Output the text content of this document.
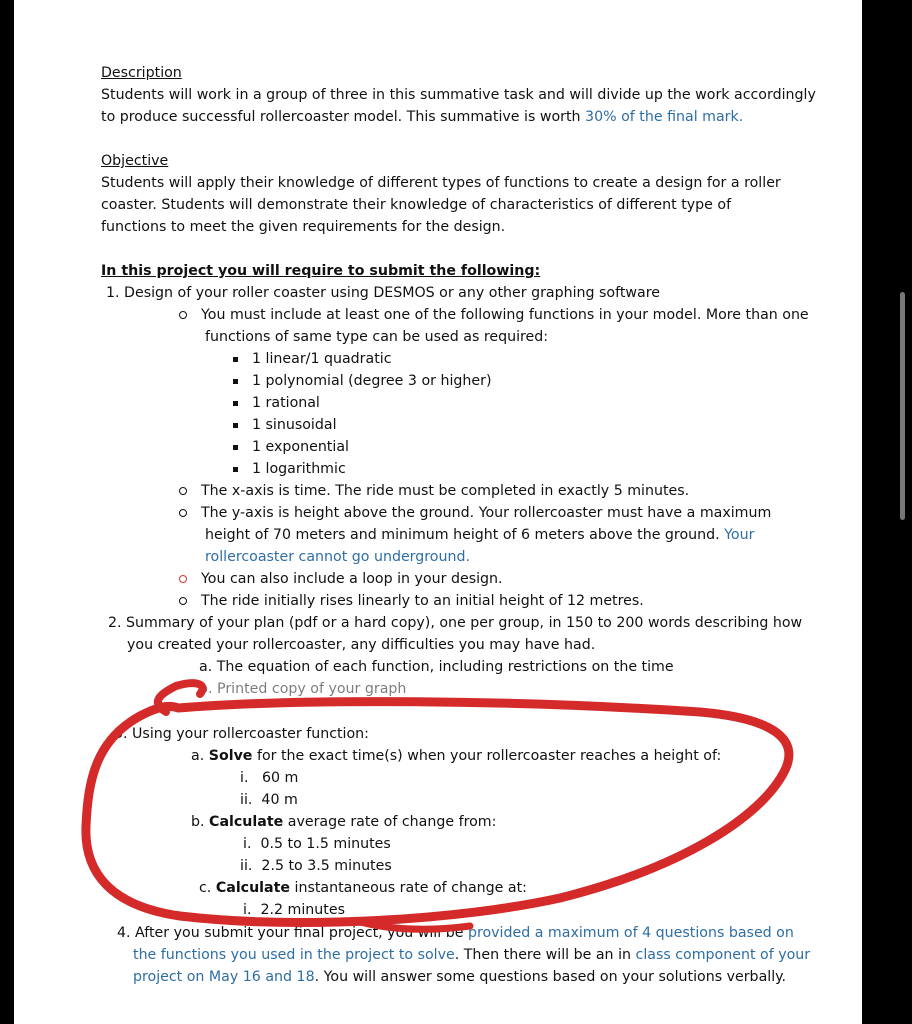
Description
Students will work in a group of three in this summative task and will divide up the work accordingly
to produce successful rollercoaster model. This summative is worth 30% of the final mark.
Objective
Students will apply their knowledge of different types of functions to create a design for a roller
coaster. Students will demonstrate their knowledge of characteristics of different type of
functions to meet the given requirements for the design.
In this project you will require to submit the following:
1. Design of your roller coaster using DESMOS or any other graphing software
You must include at least one of the following functions in your model. More than one
functions of same type can be used as required:
1 linear/1 quadratic
1 polynomial (degree 3 or higher)
1 rational
1 sinusoidal
1 exponential
1 logarithmic
The x-axis is time. The ride must be completed in exactly 5 minutes.
The y-axis is height above the ground. Your rollercoaster must have a maximum
height of 70 meters and minimum height of 6 meters above the ground. Your
rollercoaster cannot go underground.
You can also include a loop in your design.
The ride initially rises linearly to an initial height of 12 metres.
2. Summary of your plan (pdf or a hard copy), one per group, in 150 to 200 words describing how
you created your rollercoaster, any difficulties you may have had.
a. The equation of each function, including restrictions on the time
b. Printed copy of your graph
3. Using your rollercoaster function:
a. Solve for the exact time(s) when your rollercoaster reaches a height of:
i.   60 m
ii.  40 m
b. Calculate average rate of change from:
i.  0.5 to 1.5 minutes
ii.  2.5 to 3.5 minutes
c. Calculate instantaneous rate of change at:
i.  2.2 minutes
4. After you submit your final project, you will be provided a maximum of 4 questions based on
the functions you used in the project to solve. Then there will be an in class component of your
project on May 16 and 18. You will answer some questions based on your solutions verbally.
